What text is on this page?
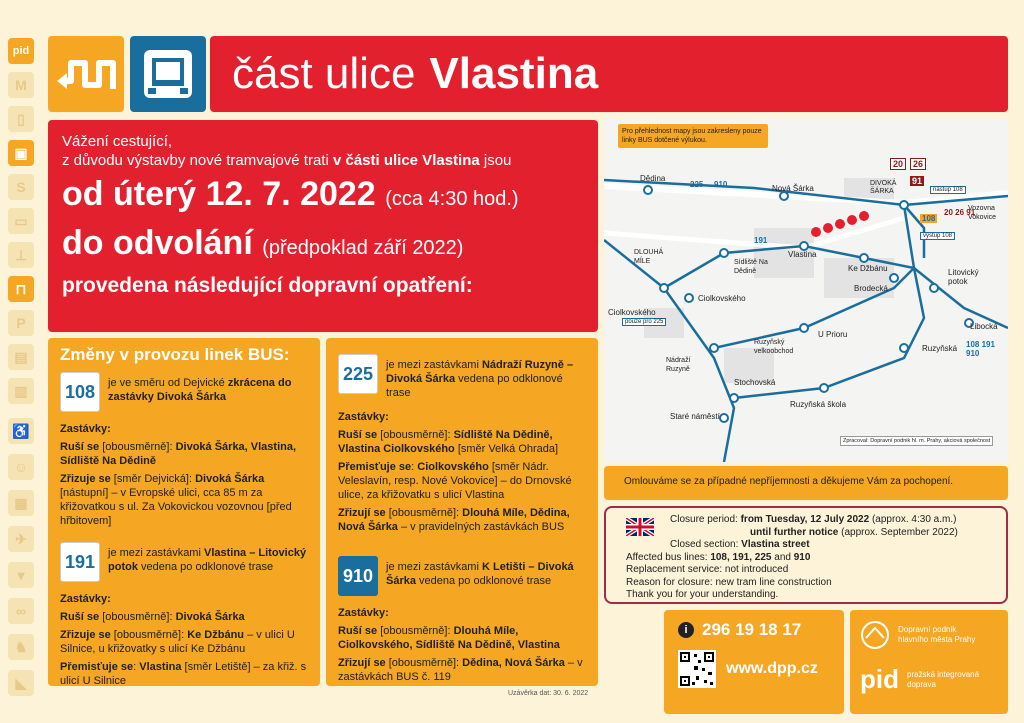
pid
M
▯
▣
S
▭
⊥
⊓
P
▤
▥
♿
☺
▦
✈
▾
∞
♞
◣
část ulice Vlastina
Vážení cestující,
z důvodu výstavby nové tramvajové trati v části ulice Vlastina jsou
od úterý 12. 7. 2022 (cca 4:30 hod.)
do odvolání (předpoklad září 2022)
provedena následující dopravní opatření:
Změny v provozu linek BUS:
108	je ve směru od Dejvické zkrácena do zastávky Divoká Šárka
Zastávky:
Ruší se [obousměrně]: Divoká Šárka, Vlastina, Sídliště Na Dědině
Zřizuje se [směr Dejvická]: Divoká Šárka [nástupní] – v Evropské ulici, cca 85 m za křižovatkou s ul. Za Vokovickou vozovnou [před hřbitovem]
191	je mezi zastávkami Vlastina – Litovický potok vedena po odklonové trase
Zastávky:
Ruší se [obousměrně]: Divoká Šárka
Zřizuje se [obousměrně]: Ke Džbánu – v ulici U Silnice, u křižovatky s ulicí Ke Džbánu
Přemisťuje se: Vlastina [směr Letiště] – za křiž. s ulicí U Silnice
225	je mezi zastávkami Nádraží Ruzyně – Divoká Šárka vedena po odklonové trase
Zastávky:
Ruší se [obousměrně]: Sídliště Na Dědině, Vlastina Ciolkovského [směr Velká Ohrada]
Přemisťuje se: Ciolkovského [směr Nádr. Veleslavín, resp. Nové Vokovice] – do Drnovské ulice, za křižovatku s ulicí Vlastina
Zřizují se [obousměrně]: Dlouhá Míle, Dědina, Nová Šárka – v pravidelných zastávkách BUS
910	je mezi zastávkami K Letišti – Divoká Šárka vedena po odklonové trase
Zastávky:
Ruší se [obousměrně]: Dlouhá Míle, Ciolkovského, Sídliště Na Dědině, Vlastina
Zřizují se [obousměrně]: Dědina, Nová Šárka – v zastávkách BUS č. 119
Uzávěrka dat: 30. 6. 2022
Pro přehlednost mapy jsou zakresleny pouze linky BUS dotčené výlukou.
Dědina
Nová Šárka
DIVOKÁ ŠÁRKA
Vozovna Vokovice
DLOUHÁ MÍLE	Sídliště Na Dědině
Vlastina
Ke Džbánu	Litovický potok
Brodecká
Ciolkovského
Ciolkovského
U Prioru
Ruzyňský velkoobchod
Libocká
Ruzyňská
Nádraží Ruzyně
Stochovská
Ruzyňská škola
Staré náměstí
nástup 108
výstup 108
pouze pro 225
20	26
91
108
225
191
910
108 191 910
20 26 91
Zpracoval: Dopravní podnik hl. m. Prahy, akciová společnost
Omlouváme se za případné nepříjemnosti a děkujeme Vám za pochopení.
Closure period: from Tuesday, 12 July 2022 (approx. 4:30 a.m.)
until further notice (approx. September 2022)
Closed section: Vlastina street
Affected bus lines: 108, 191, 225 and 910
Replacement service: not introduced
Reason for closure: new tram line construction
Thank you for your understanding.
i 296 19 18 17
www.dpp.cz
Dopravní podnik
hlavního města Prahy
pid pražská integrovaná
doprava
